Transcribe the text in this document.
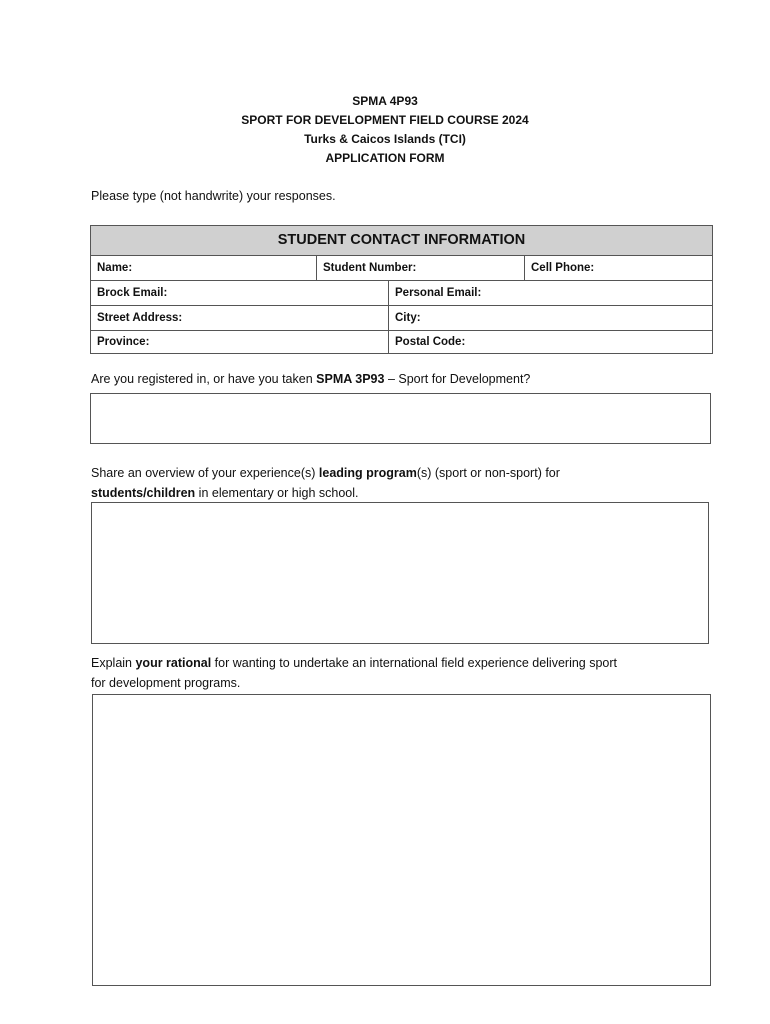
SPMA 4P93
SPORT FOR DEVELOPMENT FIELD COURSE 2024
Turks & Caicos Islands (TCI)
APPLICATION FORM
Please type (not handwrite) your responses.
STUDENT CONTACT INFORMATION
Name:	Student Number:	Cell Phone:
Brock Email:	Personal Email:
Street Address:	City:
Province:	Postal Code:
Are you registered in, or have you taken SPMA 3P93 – Sport for Development?
Share an overview of your experience(s) leading program(s) (sport or non-sport) for
students/children in elementary or high school.
Explain your rational for wanting to undertake an international field experience delivering sport
for development programs.
